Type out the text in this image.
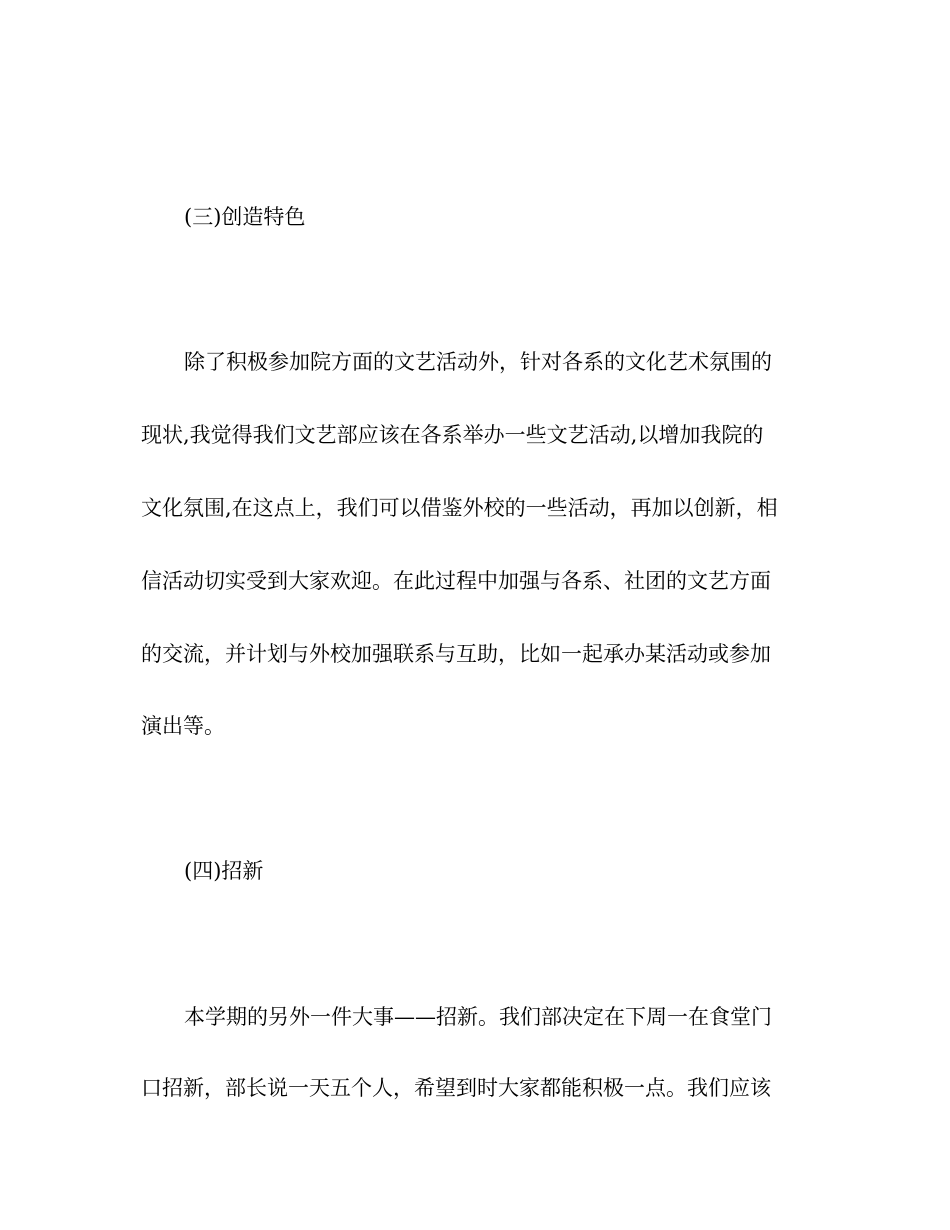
(三)创造特色
除了积极参加院方面的文艺活动外，针对各系的文化艺术氛围的
现状,我觉得我们文艺部应该在各系举办一些文艺活动,以增加我院的
文化氛围,在这点上，我们可以借鉴外校的一些活动，再加以创新，相
信活动切实受到大家欢迎。在此过程中加强与各系、社团的文艺方面
的交流，并计划与外校加强联系与互助，比如一起承办某活动或参加
演出等。
(四)招新
本学期的另外一件大事——招新。我们部决定在下周一在食堂门
口招新，部长说一天五个人，希望到时大家都能积极一点。我们应该
